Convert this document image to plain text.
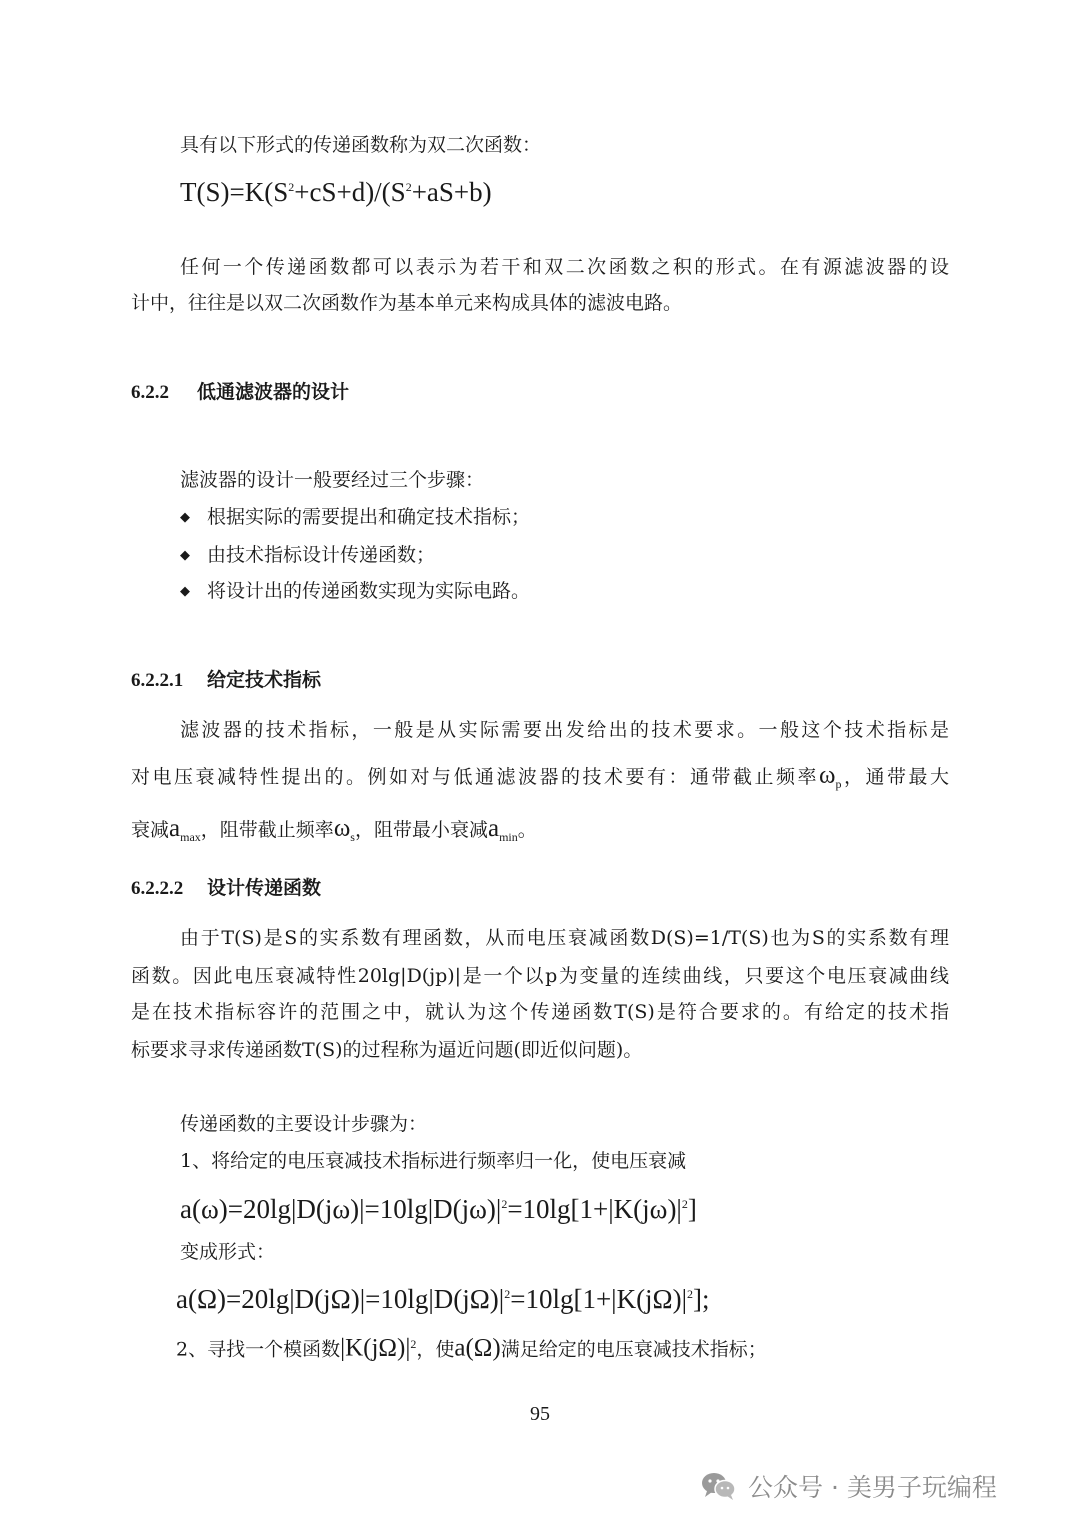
具有以下形式的传递函数称为双二次函数：
$T(S)=K(S^2+cS+d)/(S^2+aS+b)$
任何一个传递函数都可以表示为若干和双二次函数之积的形式。在有源滤波器的设
计中，往往是以双二次函数作为基本单元来构成具体的滤波电路。
6.2.2 低通滤波器的设计
滤波器的设计一般要经过三个步骤：
◆ 根据实际的需要提出和确定技术指标；
◆ 由技术指标设计传递函数；
◆ 将设计出的传递函数实现为实际电路。
6.2.2.1 给定技术指标
滤波器的技术指标，一般是从实际需要出发给出的技术要求。一般这个技术指标是
对电压衰减特性提出的。例如对与低通滤波器的技术要有：通带截止频率$\omega_p$，通带最大
衰减$a_{max}$，阻带截止频率$\omega_s$，阻带最小衰减$a_{min}$。
6.2.2.2 设计传递函数
由于T(S)是S的实系数有理函数，从而电压衰减函数D(S)=1/T(S)也为S的实系数有理
函数。因此电压衰减特性20lg|D(jp)|是一个以p为变量的连续曲线，只要这个电压衰减曲线
是在技术指标容许的范围之中，就认为这个传递函数T(S)是符合要求的。有给定的技术指
标要求寻求传递函数T(S)的过程称为逼近问题(即近似问题)。
传递函数的主要设计步骤为：
1、将给定的电压衰减技术指标进行频率归一化，使电压衰减
$a(\omega)=20\lg|D(j\omega)|=10\lg|D(j\omega)|^2=10\lg[1+|K(j\omega)|^2]$
变成形式：
$a(\Omega)=20\lg|D(j\Omega)|=10\lg|D(j\Omega)|^2=10\lg[1+|K(j\Omega)|^2]$;
2、寻找一个模函数$|K(j\Omega)|^2$，使a(Ω)满足给定的电压衰减技术指标；
95
公众号 · 美男子玩编程
